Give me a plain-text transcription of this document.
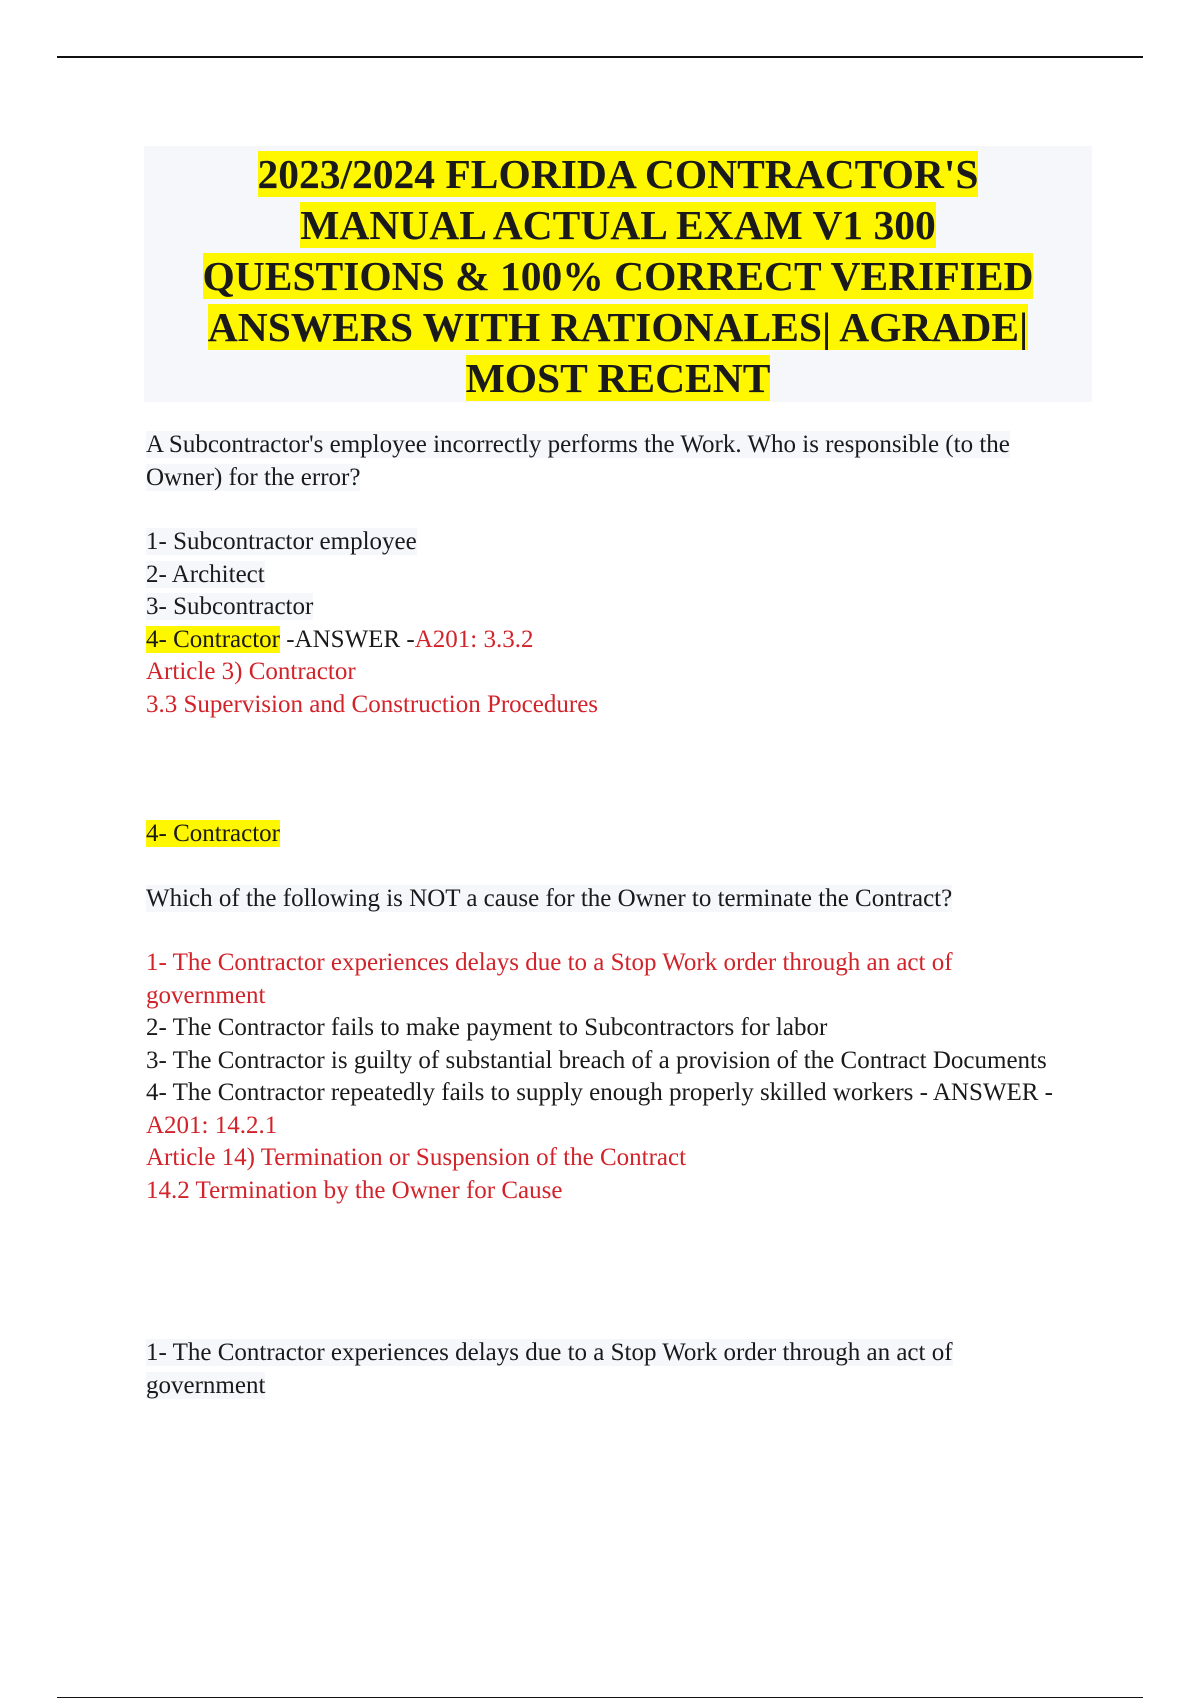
2023/2024 FLORIDA CONTRACTOR'S
MANUAL ACTUAL EXAM V1 300
QUESTIONS & 100% CORRECT VERIFIED
ANSWERS WITH RATIONALES| AGRADE|
MOST RECENT
A Subcontractor's employee incorrectly performs the Work. Who is responsible (to the Owner) for the error?
1- Subcontractor employee
2- Architect
3- Subcontractor
4- Contractor -ANSWER -A201: 3.3.2
Article 3) Contractor
3.3 Supervision and Construction Procedures
4- Contractor
Which of the following is NOT a cause for the Owner to terminate the Contract?
1- The Contractor experiences delays due to a Stop Work order through an act of government
2- The Contractor fails to make payment to Subcontractors for labor
3- The Contractor is guilty of substantial breach of a provision of the Contract Documents
4- The Contractor repeatedly fails to supply enough properly skilled workers - ANSWER -A201: 14.2.1
Article 14) Termination or Suspension of the Contract
14.2 Termination by the Owner for Cause
1- The Contractor experiences delays due to a Stop Work order through an act of government
